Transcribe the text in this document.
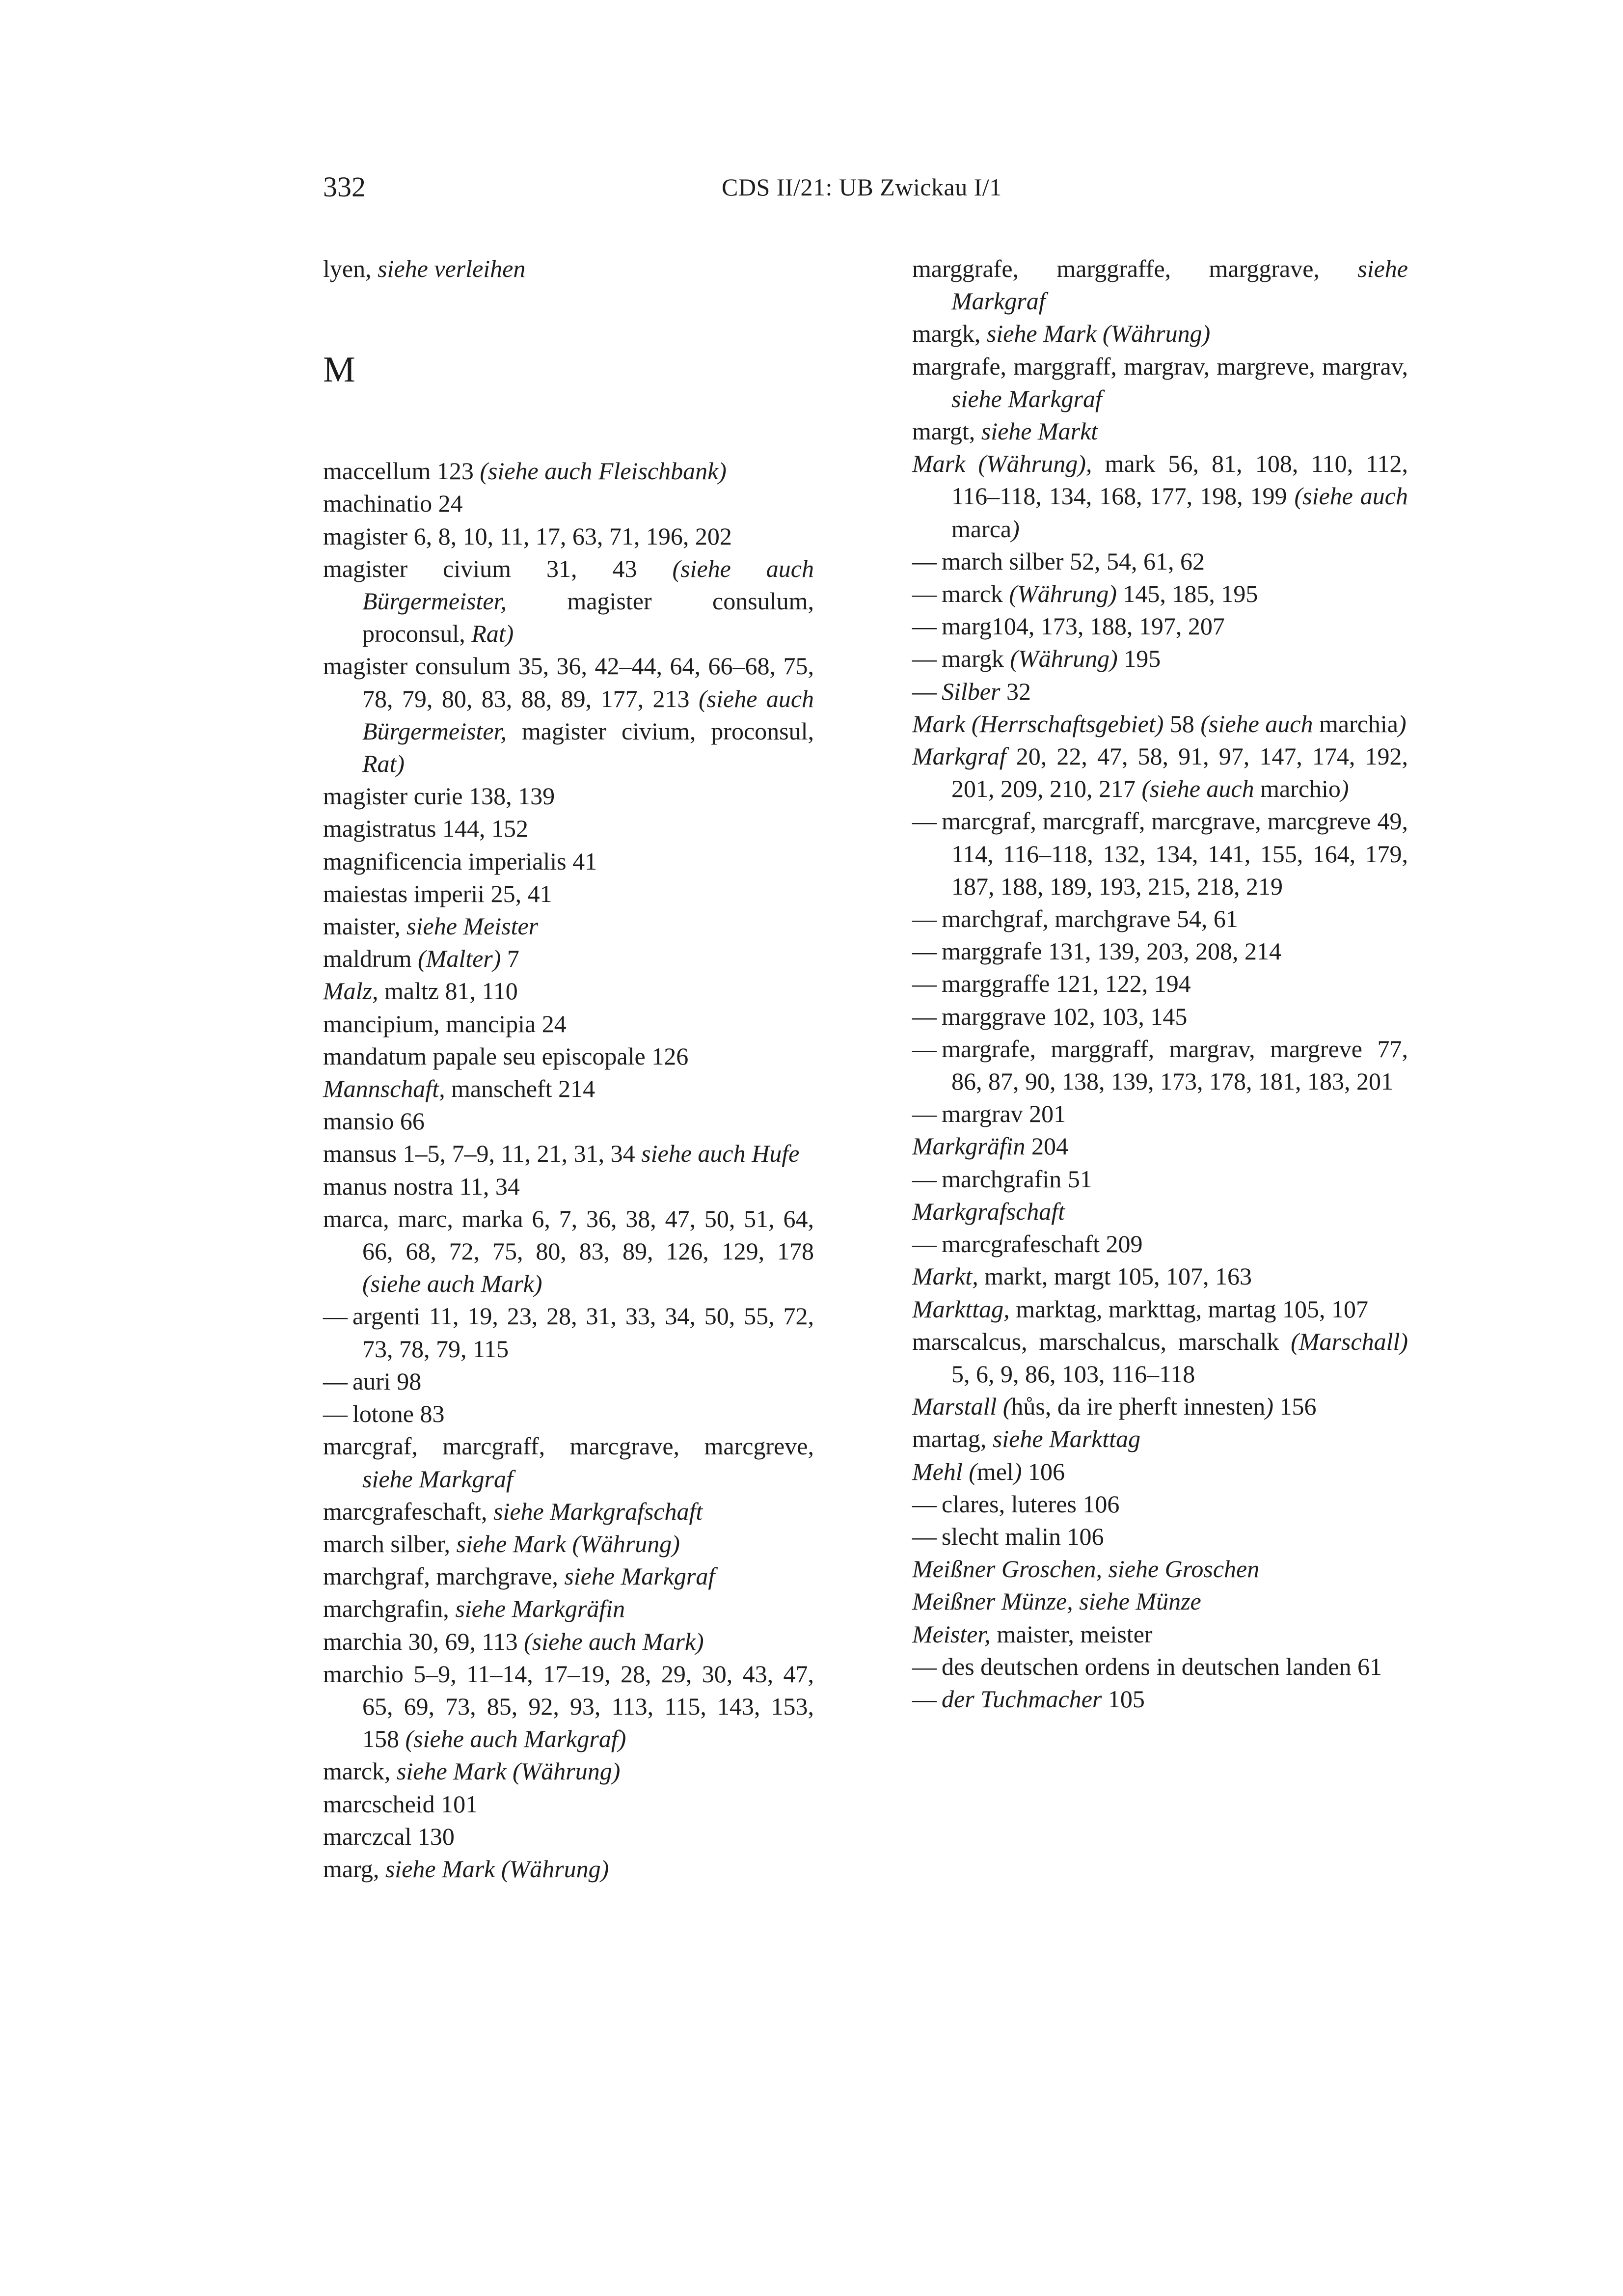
332	CDS II/21: UB Zwickau I/1

lyen, siehe verleihen

M

maccellum 123 (siehe auch Fleischbank)

machinatio 24

magister 6, 8, 10, 11, 17, 63, 71, 196, 202

magister civium 31, 43 (siehe auch Bürgermeister, magister consulum, proconsul, Rat)

magister consulum 35, 36, 42–44, 64, 66–68, 75, 78, 79, 80, 83, 88, 89, 177, 213 (siehe auch Bürgermeister, magister civium, proconsul, Rat)

magister curie 138, 139

magistratus 144, 152

magnificencia imperialis 41

maiestas imperii 25, 41

maister, siehe Meister

maldrum (Malter) 7

Malz, maltz 81, 110

mancipium, mancipia 24

mandatum papale seu episcopale 126

Mannschaft, manscheft 214

mansio 66

mansus 1–5, 7–9, 11, 21, 31, 34 siehe auch Hufe

manus nostra 11, 34

marca, marc, marka 6, 7, 36, 38, 47, 50, 51, 64, 66, 68, 72, 75, 80, 83, 89, 126, 129, 178 (siehe auch Mark)

— argenti 11, 19, 23, 28, 31, 33, 34, 50, 55, 72, 73, 78, 79, 115

— auri 98

— lotone 83

marcgraf, marcgraff, marcgrave, marcgreve, siehe Markgraf

marcgrafeschaft, siehe Markgrafschaft

march silber, siehe Mark (Währung)

marchgraf, marchgrave, siehe Markgraf

marchgrafin, siehe Markgräfin

marchia 30, 69, 113 (siehe auch Mark)

marchio 5–9, 11–14, 17–19, 28, 29, 30, 43, 47, 65, 69, 73, 85, 92, 93, 113, 115, 143, 153, 158 (siehe auch Markgraf)

marck, siehe Mark (Währung)

marcscheid 101

marczcal 130

marg, siehe Mark (Währung)

marggrafe, marggraffe, marggrave, siehe Markgraf

margk, siehe Mark (Währung)

margrafe, marggraff, margrav, margreve, margrav, siehe Markgraf

margt, siehe Markt

Mark (Währung), mark 56, 81, 108, 110, 112, 116–118, 134, 168, 177, 198, 199 (siehe auch marca)

— march silber 52, 54, 61, 62

— marck (Währung) 145, 185, 195

— marg104, 173, 188, 197, 207

— margk (Währung) 195

— Silber 32

Mark (Herrschaftsgebiet) 58 (siehe auch marchia)

Markgraf 20, 22, 47, 58, 91, 97, 147, 174, 192, 201, 209, 210, 217 (siehe auch marchio)

— marcgraf, marcgraff, marcgrave, marcgreve 49, 114, 116–118, 132, 134, 141, 155, 164, 179, 187, 188, 189, 193, 215, 218, 219

— marchgraf, marchgrave 54, 61

— marggrafe 131, 139, 203, 208, 214

— marggraffe 121, 122, 194

— marggrave 102, 103, 145

— margrafe, marggraff, margrav, margreve 77, 86, 87, 90, 138, 139, 173, 178, 181, 183, 201

— margrav 201

Markgräfin 204

— marchgrafin 51

Markgrafschaft

— marcgrafeschaft 209

Markt, markt, margt 105, 107, 163

Markttag, marktag, markttag, martag 105, 107

marscalcus, marschalcus, marschalk (Marschall) 5, 6, 9, 86, 103, 116–118

Marstall (hůs, da ire pherft innesten) 156

martag, siehe Markttag

Mehl (mel) 106

— clares, luteres 106

— slecht malin 106

Meißner Groschen, siehe Groschen

Meißner Münze, siehe Münze

Meister, maister, meister

— des deutschen ordens in deutschen landen 61

— der Tuchmacher 105
